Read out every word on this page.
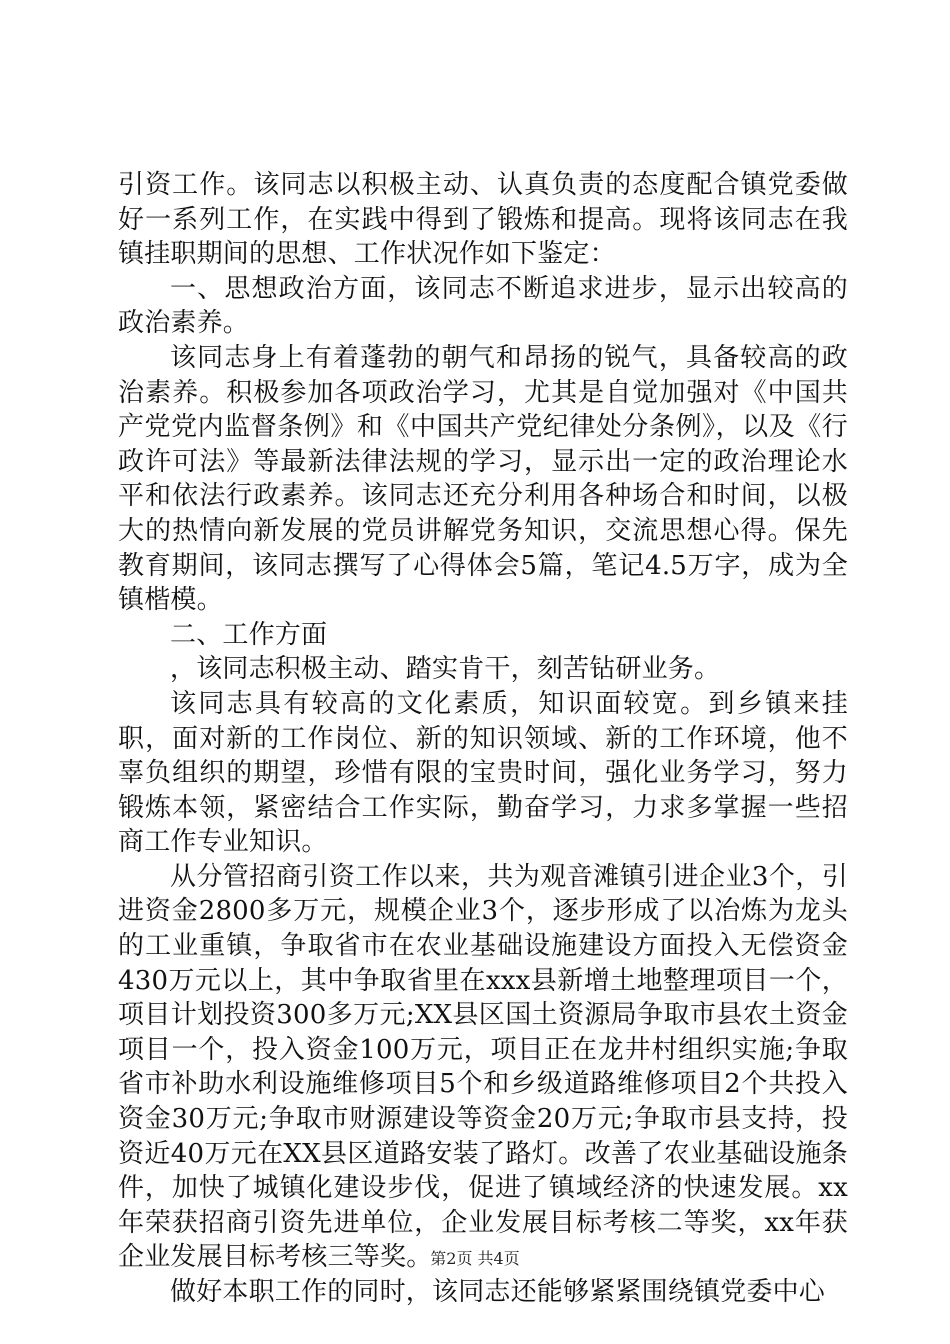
引资工作。该同志以积极主动、认真负责的态度配合镇党委做好一系列工作，在实践中得到了锻炼和提高。现将该同志在我镇挂职期间的思想、工作状况作如下鉴定：

一、思想政治方面，该同志不断追求进步，显示出较高的政治素养。

该同志身上有着蓬勃的朝气和昂扬的锐气，具备较高的政治素养。积极参加各项政治学习，尤其是自觉加强对《中国共产党党内监督条例》和《中国共产党纪律处分条例》，以及《行政许可法》等最新法律法规的学习，显示出一定的政治理论水平和依法行政素养。该同志还充分利用各种场合和时间，以极大的热情向新发展的党员讲解党务知识，交流思想心得。保先教育期间，该同志撰写了心得体会5篇，笔记4.5万字，成为全镇楷模。

二、工作方面

，该同志积极主动、踏实肯干，刻苦钻研业务。

该同志具有较高的文化素质，知识面较宽。到乡镇来挂职，面对新的工作岗位、新的知识领域、新的工作环境，他不辜负组织的期望，珍惜有限的宝贵时间，强化业务学习，努力锻炼本领，紧密结合工作实际，勤奋学习，力求多掌握一些招商工作专业知识。

从分管招商引资工作以来，共为观音滩镇引进企业3个，引进资金2800多万元，规模企业3个，逐步形成了以冶炼为龙头的工业重镇，争取省市在农业基础设施建设方面投入无偿资金430万元以上，其中争取省里在xxx县新增土地整理项目一个，项目计划投资300多万元;XX县区国土资源局争取市县农土资金项目一个，投入资金100万元，项目正在龙井村组织实施;争取省市补助水利设施维修项目5个和乡级道路维修项目2个共投入资金30万元;争取市财源建设等资金20万元;争取市县支持，投资近40万元在XX县区道路安装了路灯。改善了农业基础设施条件，加快了城镇化建设步伐，促进了镇域经济的快速发展。xx年荣获招商引资先进单位，企业发展目标考核二等奖，xx年获企业发展目标考核三等奖。

做好本职工作的同时，该同志还能够紧紧围绕镇党委中心

第2页 共4页
